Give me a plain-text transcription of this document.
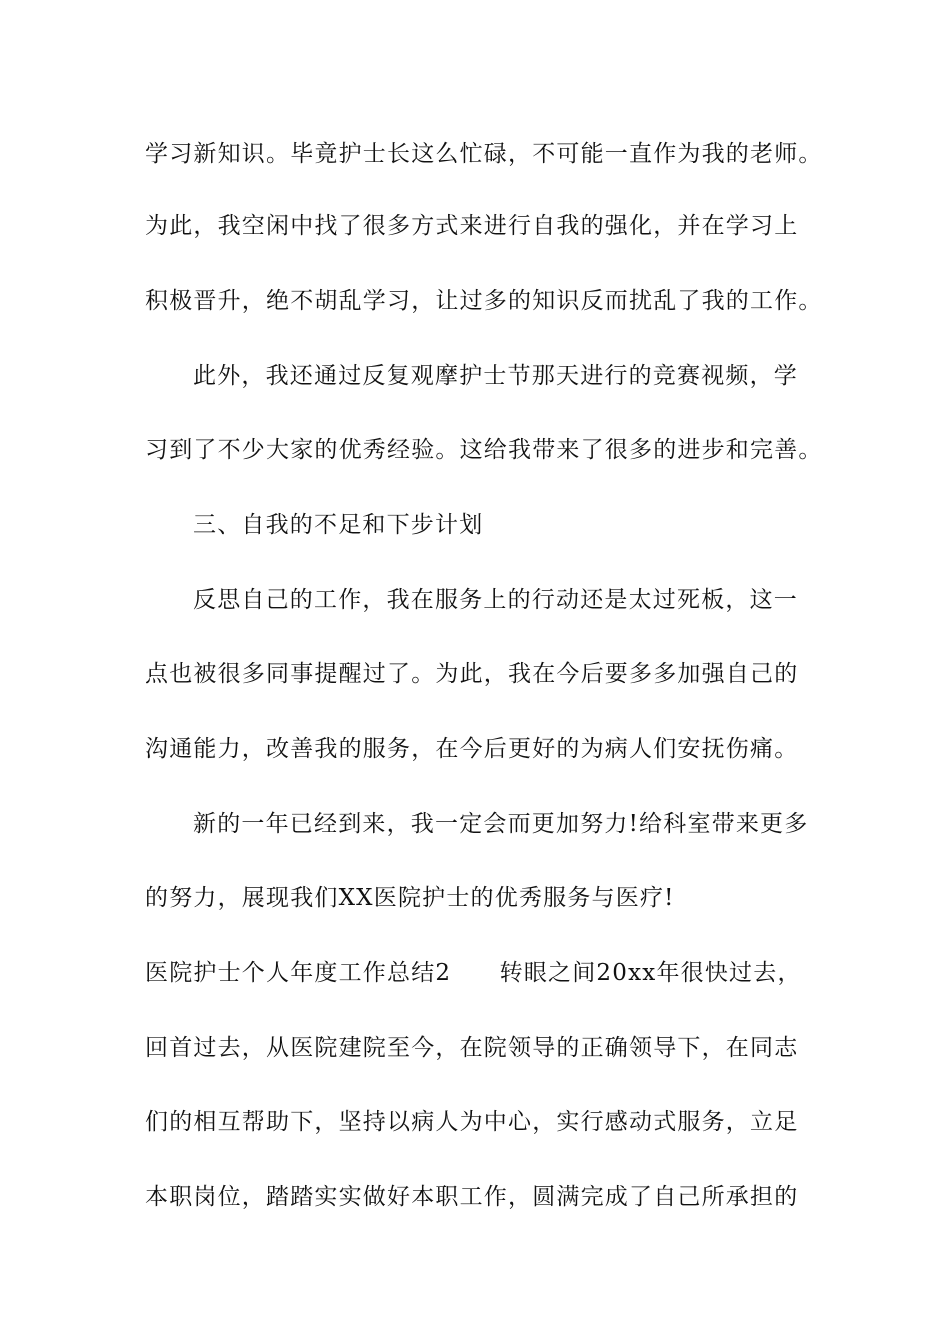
学习新知识。毕竟护士长这么忙碌，不可能一直作为我的老师。
为此，我空闲中找了很多方式来进行自我的强化，并在学习上
积极晋升，绝不胡乱学习，让过多的知识反而扰乱了我的工作。
此外，我还通过反复观摩护士节那天进行的竞赛视频，学
习到了不少大家的优秀经验。这给我带来了很多的进步和完善。
三、自我的不足和下步计划
反思自己的工作，我在服务上的行动还是太过死板，这一
点也被很多同事提醒过了。为此，我在今后要多多加强自己的
沟通能力，改善我的服务，在今后更好的为病人们安抚伤痛。
新的一年已经到来，我一定会而更加努力!给科室带来更多
的努力，展现我们XX医院护士的优秀服务与医疗!
医院护士个人年度工作总结2　　转眼之间20xx年很快过去，
回首过去，从医院建院至今，在院领导的正确领导下，在同志
们的相互帮助下，坚持以病人为中心，实行感动式服务，立足
本职岗位，踏踏实实做好本职工作，圆满完成了自己所承担的
